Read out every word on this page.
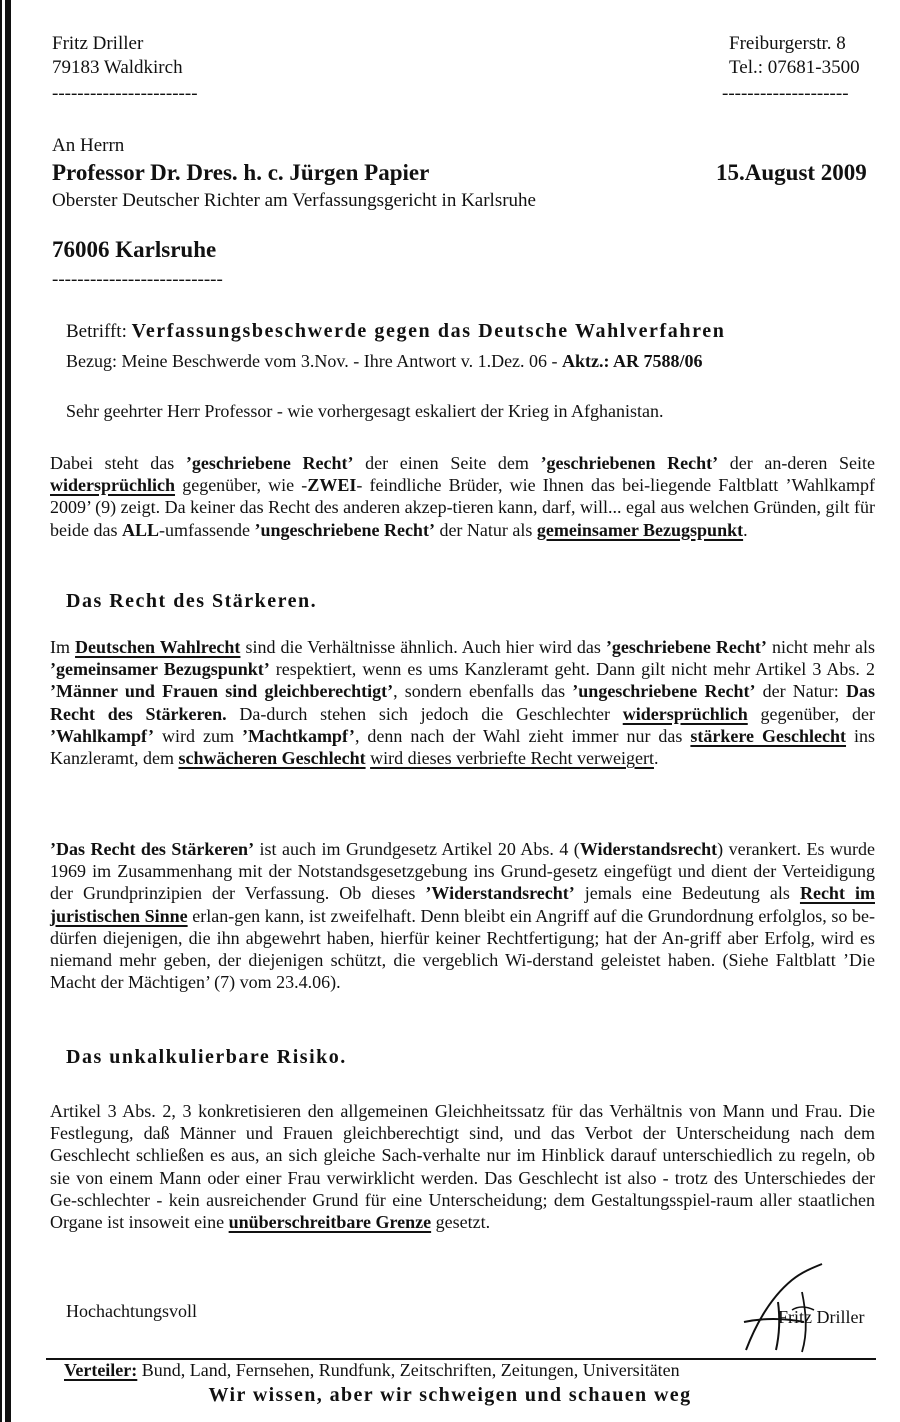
Fritz Driller
79183 Waldkirch
-----------------------
Freiburgerstr. 8
Tel.: 07681-3500
--------------------
An Herrn
Professor Dr. Dres. h. c. Jürgen Papier	15.August 2009
Oberster Deutscher Richter am Verfassungsgericht in Karlsruhe
76006 Karlsruhe
---------------------------
Betrifft: Verfassungsbeschwerde gegen das Deutsche Wahlverfahren
Bezug: Meine Beschwerde vom 3.Nov. - Ihre Antwort v. 1.Dez. 06 - Aktz.: AR 7588/06
Sehr geehrter Herr Professor - wie vorhergesagt eskaliert der Krieg in Afghanistan.
Dabei steht das ’geschriebene Recht’ der einen Seite dem ’geschriebenen Recht’ der an-deren Seite widersprüchlich gegenüber, wie -ZWEI- feindliche Brüder, wie Ihnen das bei-liegende Faltblatt ’Wahlkampf 2009’ (9) zeigt. Da keiner das Recht des anderen akzep-tieren kann, darf, will... egal aus welchen Gründen, gilt für beide das ALL-umfassende ’ungeschriebene Recht’ der Natur als gemeinsamer Bezugspunkt.
Das Recht des Stärkeren.
Im Deutschen Wahlrecht sind die Verhältnisse ähnlich. Auch hier wird das ’geschriebene Recht’ nicht mehr als ’gemeinsamer Bezugspunkt’ respektiert, wenn es ums Kanzleramt geht. Dann gilt nicht mehr Artikel 3 Abs. 2 ’Männer und Frauen sind gleichberechtigt’, sondern ebenfalls das ’ungeschriebene Recht’ der Natur: Das Recht des Stärkeren. Da-durch stehen sich jedoch die Geschlechter widersprüchlich gegenüber, der ’Wahlkampf’ wird zum ’Machtkampf’, denn nach der Wahl zieht immer nur das stärkere Geschlecht ins Kanzleramt, dem schwächeren Geschlecht wird dieses verbriefte Recht verweigert.
’Das Recht des Stärkeren’ ist auch im Grundgesetz Artikel 20 Abs. 4 (Widerstandsrecht) verankert. Es wurde 1969 im Zusammenhang mit der Notstandsgesetzgebung ins Grund-gesetz eingefügt und dient der Verteidigung der Grundprinzipien der Verfassung. Ob dieses ’Widerstandsrecht’ jemals eine Bedeutung als Recht im juristischen Sinne erlan-gen kann, ist zweifelhaft. Denn bleibt ein Angriff auf die Grundordnung erfolglos, so be-dürfen diejenigen, die ihn abgewehrt haben, hierfür keiner Rechtfertigung; hat der An-griff aber Erfolg, wird es niemand mehr geben, der diejenigen schützt, die vergeblich Wi-derstand geleistet haben. (Siehe Faltblatt ’Die Macht der Mächtigen’ (7) vom 23.4.06).
Das unkalkulierbare Risiko.
Artikel 3 Abs. 2, 3 konkretisieren den allgemeinen Gleichheitssatz für das Verhältnis von Mann und Frau. Die Festlegung, daß Männer und Frauen gleichberechtigt sind, und das Verbot der Unterscheidung nach dem Geschlecht schließen es aus, an sich gleiche Sach-verhalte nur im Hinblick darauf unterschiedlich zu regeln, ob sie von einem Mann oder einer Frau verwirklicht werden. Das Geschlecht ist also - trotz des Unterschiedes der Ge-schlechter - kein ausreichender Grund für eine Unterscheidung; dem Gestaltungsspiel-raum aller staatlichen Organe ist insoweit eine unüberschreitbare Grenze gesetzt.
Hochachtungsvoll	Fritz Driller
Verteiler: Bund, Land, Fernsehen, Rundfunk, Zeitschriften, Zeitungen, Universitäten
Wir wissen, aber wir schweigen und schauen weg
